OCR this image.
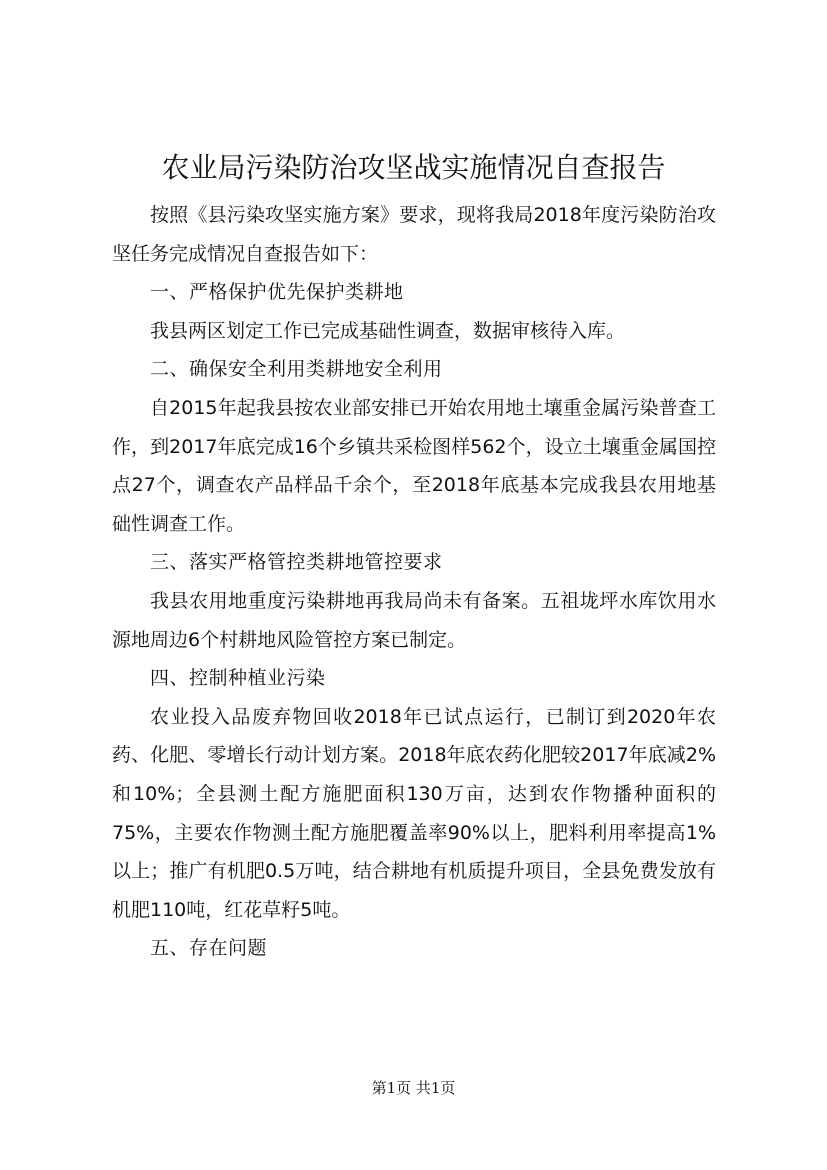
农业局污染防治攻坚战实施情况自查报告

按照《县污染攻坚实施方案》要求，现将我局2018年度污染防治攻坚任务完成情况自查报告如下：

一、严格保护优先保护类耕地

我县两区划定工作已完成基础性调查，数据审核待入库。

二、确保安全利用类耕地安全利用

自2015年起我县按农业部安排已开始农用地土壤重金属污染普查工作，到2017年底完成16个乡镇共采检图样562个，设立土壤重金属国控点27个，调查农产品样品千余个，至2018年底基本完成我县农用地基础性调查工作。

三、落实严格管控类耕地管控要求

我县农用地重度污染耕地再我局尚未有备案。五祖垅坪水库饮用水源地周边6个村耕地风险管控方案已制定。

四、控制种植业污染

农业投入品废弃物回收2018年已试点运行，已制订到2020年农药、化肥、零增长行动计划方案。2018年底农药化肥较2017年底减2%和10%；全县测土配方施肥面积130万亩，达到农作物播种面积的75%，主要农作物测土配方施肥覆盖率90%以上，肥料利用率提高1%以上；推广有机肥0.5万吨，结合耕地有机质提升项目，全县免费发放有机肥110吨，红花草籽5吨。

五、存在问题

第1页 共1页
